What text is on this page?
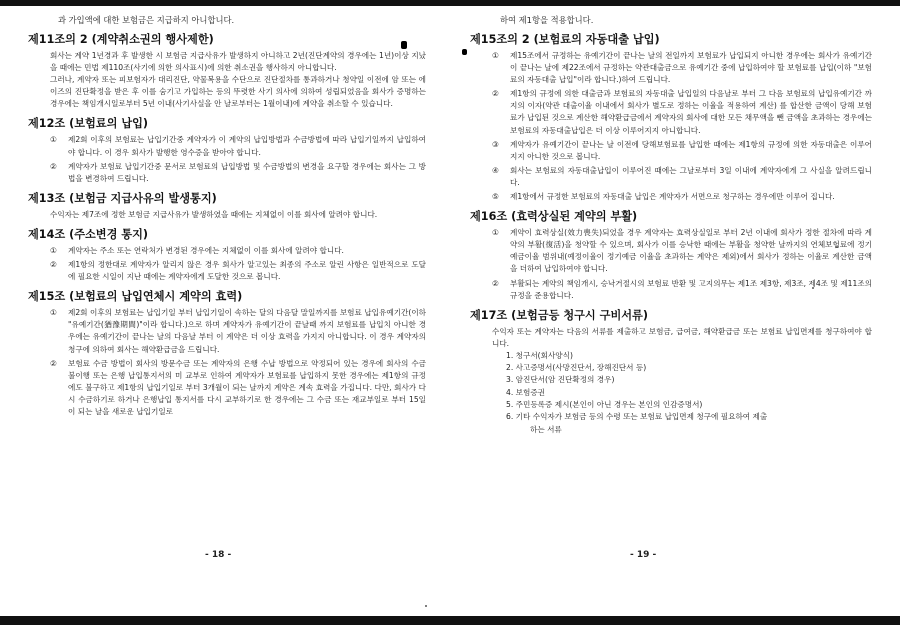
과 가입액에 대한 보험금은 지급하지 아니합니다.
제11조의 2 (계약취소권의 행사제한)
회사는 계약 1년경과 후 발생한 시 보험금 지급사유가 발생하지 아니하고 2년(진단계약의 경우에는 1년)이상 지났을 때에는 민법 제110조(사기에 의한 의사표시)에 의한 취소권을 행사하지 아니합니다.
그러나, 계약자 또는 피보험자가 대리진단, 약물복용을 수단으로 진단절차를 통과하거나 청약일 이전에 암 또는 에이즈의 진단확정을 받은 후 이를 숨기고 가입하는 등의 뚜렷한 사기 의사에 의하여 성립되었음을 회사가 증명하는 경우에는 책임개시일로부터 5년 이내(사기사실을 안 날로부터는 1월이내)에 계약을 취소할 수 있습니다.
제12조 (보험료의 납입)
①	제2회 이후의 보험료는 납입기간중 계약자가 이 계약의 납입방법과 수금방법에 따라 납입기일까지 납입하여야 합니다. 이 경우 회사가 발행한 영수증을 받아야 합니다.
②	계약자가 보험료 납입기간중 문서로 보험료의 납입방법 및 수금방법의 변경을 요구할 경우에는 회사는 그 방법을 변경하여 드립니다.
제13조 (보험금 지급사유의 발생통지)
수익자는 제7조에 정한 보험금 지급사유가 발생하였을 때에는 지체없이 이를 회사에 알려야 합니다.
제14조 (주소변경 통지)
①	계약자는 주소 또는 연락처가 변경된 경우에는 지체없이 이를 회사에 알려야 합니다.
②	제1항의 정한대로 계약자가 알리지 않은 경우 회사가 알고있는 최종의 주소로 알린 사항은 일반적으로 도달에 필요한 시일이 지난 때에는 계약자에게 도달한 것으로 봅니다.
제15조 (보험료의 납입연체시 계약의 효력)
①	제2회 이후의 보험료는 납입기일 부터 납입기일이 속하는 달의 다음달 말일까지를 보험료 납입유예기간(이하 "유예기간(猶豫期間)"이라 합니다.)으로 하며 계약자가 유예기간이 끝날때 까지 보험료를 납입치 아니한 경우에는 유예기간이 끝나는 날의 다음날 부터 이 계약은 더 이상 효력을 가지지 아니합니다. 이 경우 계약자의 청구에 의하여 회사는 해약환급금을 드립니다.
②	보험료 수금 방법이 회사의 방문수금 또는 계약자의 은행 수납 방법으로 약정되어 있는 경우에 회사의 수금 불이행 또는 은행 납입통지서의 미 교부로 인하여 계약자가 보험료를 납입하지 못한 경우에는 제1항의 규정에도 불구하고 제1항의 납입기일로 부터 3개월이 되는 날까지 계약은 계속 효력을 가집니다. 다만, 회사가 다시 수금하기로 하거나 은행납입 통지서를 다시 교부하기로 한 경우에는 그 수금 또는 재교부일로 부터 15일이 되는 날을 새로운 납입기일로
- 18 -
하여 제1항을 적용합니다.
제15조의 2 (보험료의 자동대출 납입)
①	제15조에서 규정하는 유예기간이 끝나는 날의 전일까지 보험료가 납입되지 아니한 경우에는 회사가 유예기간이 끝나는 날에 제22조에서 규정하는 약관대출금으로 유예기간 중에 납입하여야 할 보험료를 납입(이하 "보험료의 자동대출 납입"이라 합니다.)하여 드립니다.
②	제1항의 규정에 의한 대출금과 보험료의 자동대출 납입일의 다음날로 부터 그 다음 보험료의 납입유예기간 까지의 이자(약관 대출이율 이내에서 회사가 별도로 정하는 이율을 적용하여 계산) 를 합산한 금액이 당해 보험료가 납입된 것으로 계산한 해약환급금에서 계약자의 회사에 대한 모든 채무액을 뺀 금액을 초과하는 경우에는 보험료의 자동대출납입은 더 이상 이루어지지 아니합니다.
③	계약자가 유예기간이 끝나는 날 이전에 당해보험료를 납입한 때에는 제1항의 규정에 의한 자동대출은 이루어지지 아니한 것으로 봅니다.
④	회사는 보험료의 자동대출납입이 이루어진 때에는 그날로부터 3일 이내에 계약자에게 그 사실을 알려드립니다.
⑤	제1항에서 규정한 보험료의 자동대출 납입은 계약자가 서면으로 청구하는 경우에만 이루어 집니다.
제16조 (효력상실된 계약의 부활)
①	계약이 효력상실(效力喪失)되었을 경우 계약자는 효력상실일로 부터 2년 이내에 회사가 정한 절차에 따라 계약의 부활(復活)을 청약할 수 있으며, 회사가 이를 승낙한 때에는 부활을 청약한 날까지의 연체보험료에 정기예금이율 범위내(예정이율이 정기예금 이율을 초과하는 계약은 제외)에서 회사가 정하는 이율로 계산한 금액을 더하여 납입하여야 합니다.
②	부활되는 계약의 책임개시, 승낙거절시의 보험료 반환 및 고지의무는 제1조 제3항, 제3조, 제4조 및 제11조의 규정을 준용합니다.
제17조 (보험금등 청구시 구비서류)
수익자 또는 계약자는 다음의 서류를 제출하고 보험금, 급여금, 해약환급금 또는 보험료 납입면제를 청구하여야 합니다.
1. 청구서(회사양식)
2. 사고증명서(사망진단서, 장해진단서 등)
3. 암진단서(암 진단확정의 경우)
4. 보험증권
5. 주민등록증 제시(본인이 아닌 경우는 본인의 인감증명서)
6. 기타 수익자가 보험금 등의 수령 또는 보험료 납입면제 청구에 필요하여 제출
하는 서류
- 19 -
